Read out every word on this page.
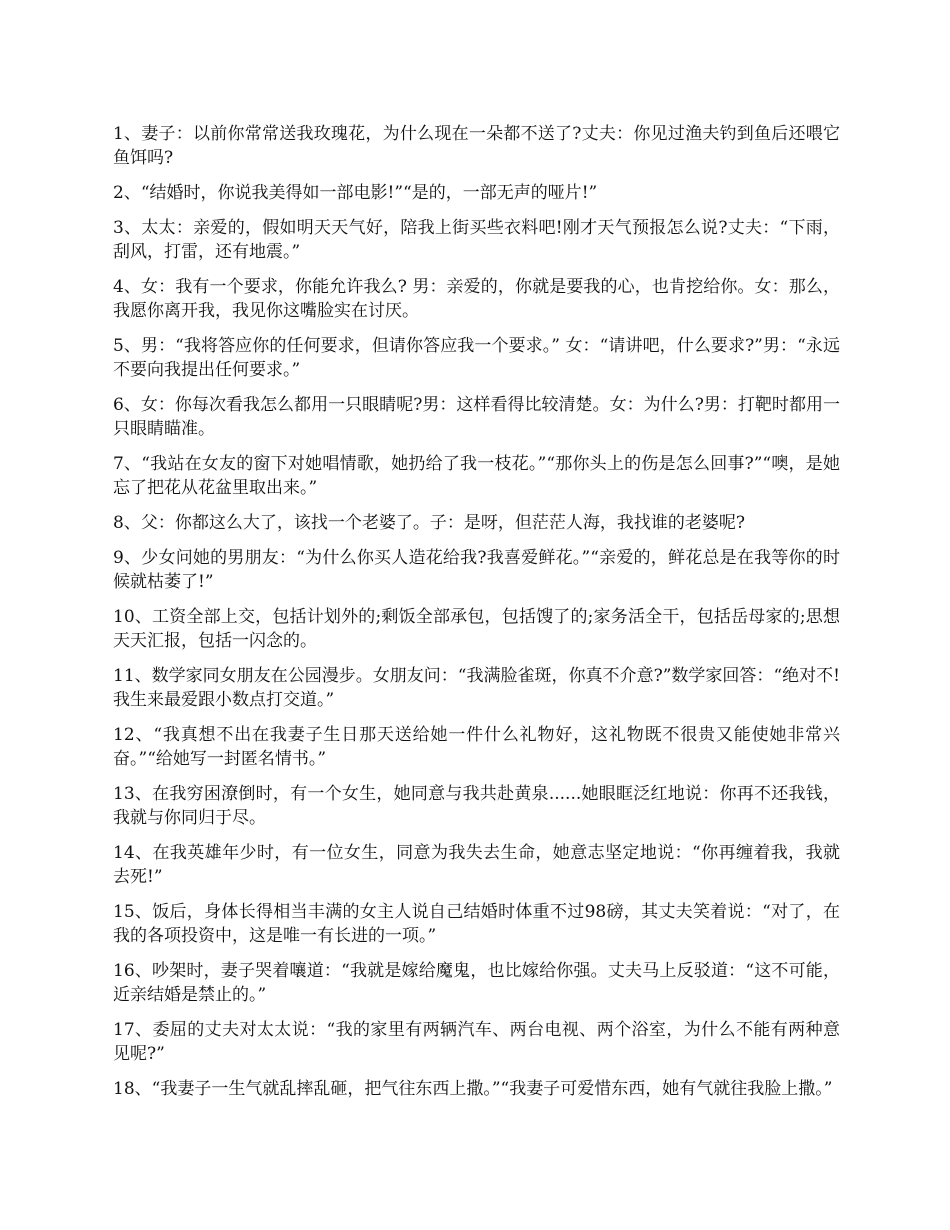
1、妻子：以前你常常送我玫瑰花，为什么现在一朵都不送了?丈夫：你见过渔夫钓到鱼后还喂它鱼饵吗?

2、“结婚时，你说我美得如一部电影!”“是的，一部无声的哑片!”

3、太太：亲爱的，假如明天天气好，陪我上街买些衣料吧!刚才天气预报怎么说?丈夫：“下雨，刮风，打雷，还有地震。”

4、女：我有一个要求，你能允许我么? 男：亲爱的，你就是要我的心，也肯挖给你。女：那么，我愿你离开我，我见你这嘴脸实在讨厌。

5、男：“我将答应你的任何要求，但请你答应我一个要求。” 女：“请讲吧，什么要求?”男：“永远不要向我提出任何要求。”

6、女：你每次看我怎么都用一只眼睛呢?男：这样看得比较清楚。女：为什么?男：打靶时都用一只眼睛瞄准。

7、“我站在女友的窗下对她唱情歌，她扔给了我一枝花。”“那你头上的伤是怎么回事?”“噢，是她忘了把花从花盆里取出来。”

8、父：你都这么大了，该找一个老婆了。子：是呀，但茫茫人海，我找谁的老婆呢?

9、少女问她的男朋友：“为什么你买人造花给我?我喜爱鲜花。”“亲爱的，鲜花总是在我等你的时候就枯萎了!”

10、工资全部上交，包括计划外的;剩饭全部承包，包括馊了的;家务活全干，包括岳母家的;思想天天汇报，包括一闪念的。

11、数学家同女朋友在公园漫步。女朋友问：“我满脸雀斑，你真不介意?”数学家回答：“绝对不!我生来最爱跟小数点打交道。”

12、“我真想不出在我妻子生日那天送给她一件什么礼物好，这礼物既不很贵又能使她非常兴奋。”“给她写一封匿名情书。”

13、在我穷困潦倒时，有一个女生，她同意与我共赴黄泉......她眼眶泛红地说：你再不还我钱，我就与你同归于尽。

14、在我英雄年少时，有一位女生，同意为我失去生命，她意志坚定地说：“你再缠着我，我就去死!”

15、饭后，身体长得相当丰满的女主人说自己结婚时体重不过98磅，其丈夫笑着说：“对了，在我的各项投资中，这是唯一有长进的一项。”

16、吵架时，妻子哭着嚷道：“我就是嫁给魔鬼，也比嫁给你强。丈夫马上反驳道：“这不可能，近亲结婚是禁止的。”

17、委屈的丈夫对太太说：“我的家里有两辆汽车、两台电视、两个浴室，为什么不能有两种意见呢?”

18、“我妻子一生气就乱摔乱砸，把气往东西上撒。”“我妻子可爱惜东西，她有气就往我脸上撒。”
